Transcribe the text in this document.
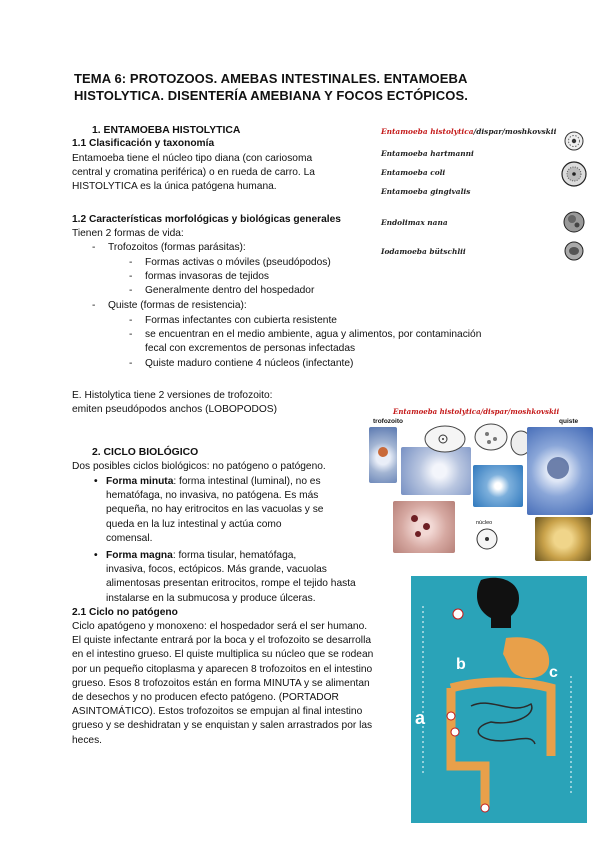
TEMA 6: PROTOZOOS. AMEBAS INTESTINALES. ENTAMOEBA HISTOLYTICA. DISENTERÍA AMEBIANA Y FOCOS ECTÓPICOS.
1. ENTAMOEBA HISTOLYTICA
1.1 Clasificación y taxonomía
Entamoeba tiene el núcleo tipo diana (con cariosoma
central y cromatina periférica) o en rueda de carro. La
HISTOLYTICA es la única patógena humana.
1.2 Características morfológicas y biológicas generales
Tienen 2 formas de vida:
Trofozoitos (formas parásitas):
Formas activas o móviles (pseudópodos)
formas invasoras de tejidos
Generalmente dentro del hospedador
Quiste (formas de resistencia):
Formas infectantes con cubierta resistente
se encuentran en el medio ambiente, agua y alimentos, por contaminación
fecal con excrementos de personas infectadas
Quiste maduro contiene 4 núcleos (infectante)
E. Histolytica tiene 2 versiones de trofozoito:
emiten pseudópodos anchos (LOBOPODOS)
Entamoeba histolytica/dispar/moshkovskii
Entamoeba hartmanni
Entamoeba coli
Entamoeba gingivalis
Endolimax nana
Iodamoeba bütschlii
Entamoeba histolytica/dispar/moshkovskii
trofozoito	quiste
núcleo
2. CICLO BIOLÓGICO
Dos posibles ciclos biológicos: no patógeno o patógeno.
Forma minuta: forma intestinal (luminal), no es
hematófaga, no invasiva, no patógena. Es más
pequeña, no hay eritrocitos en las vacuolas y se
queda en la luz intestinal y actúa como
comensal.
Forma magna: forma tisular, hematófaga,
invasiva, focos, ectópicos. Más grande, vacuolas
alimentosas presentan eritrocitos, rompe el tejido hasta
instalarse en la submucosa y produce úlceras.
2.1 Ciclo no patógeno
Ciclo apatógeno y monoxeno: el hospedador será el ser humano.
El quiste infectante entrará por la boca y el trofozoito se desarrolla
en el intestino grueso. El quiste multiplica su núcleo que se rodean
por un pequeño citoplasma y aparecen 8 trofozoitos en el intestino
grueso. Esos 8 trofozoitos están en forma MINUTA y se alimentan
de desechos y no producen efecto patógeno. (PORTADOR
ASINTOMÁTICO). Estos trofozoitos se empujan al final intestino
grueso y se deshidratan y se enquistan y salen arrastrados por las
heces.
a
b	c
